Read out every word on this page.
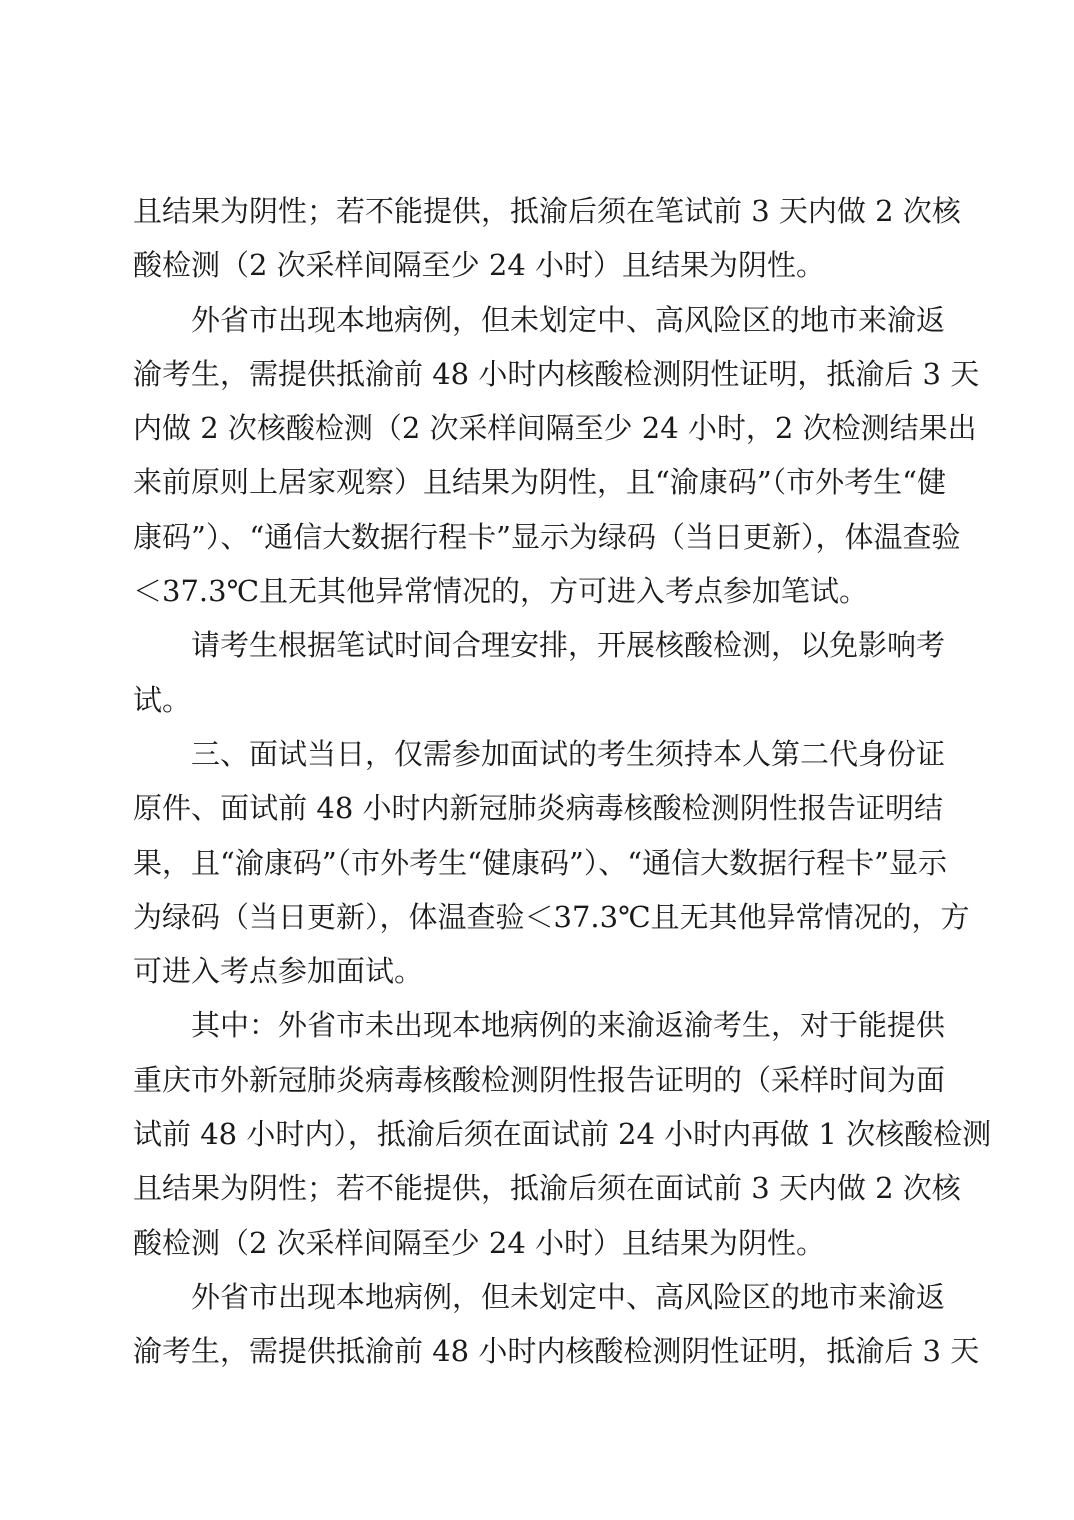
且结果为阴性；若不能提供，抵渝后须在笔试前 3 天内做 2 次核
酸检测（2 次采样间隔至少 24 小时）且结果为阴性。
外省市出现本地病例，但未划定中、高风险区的地市来渝返
渝考生，需提供抵渝前 48 小时内核酸检测阴性证明，抵渝后 3 天
内做 2 次核酸检测（2 次采样间隔至少 24 小时，2 次检测结果出
来前原则上居家观察）且结果为阴性，且“渝康码”（市外考生“健
康码”）、“通信大数据行程卡”显示为绿码（当日更新），体温查验
＜37.3℃且无其他异常情况的，方可进入考点参加笔试。
请考生根据笔试时间合理安排，开展核酸检测，以免影响考
试。
三、面试当日，仅需参加面试的考生须持本人第二代身份证
原件、面试前 48 小时内新冠肺炎病毒核酸检测阴性报告证明结
果，且“渝康码”（市外考生“健康码”）、“通信大数据行程卡”显示
为绿码（当日更新），体温查验＜37.3℃且无其他异常情况的，方
可进入考点参加面试。
其中：外省市未出现本地病例的来渝返渝考生，对于能提供
重庆市外新冠肺炎病毒核酸检测阴性报告证明的（采样时间为面
试前 48 小时内），抵渝后须在面试前 24 小时内再做 1 次核酸检测
且结果为阴性；若不能提供，抵渝后须在面试前 3 天内做 2 次核
酸检测（2 次采样间隔至少 24 小时）且结果为阴性。
外省市出现本地病例，但未划定中、高风险区的地市来渝返
渝考生，需提供抵渝前 48 小时内核酸检测阴性证明，抵渝后 3 天
